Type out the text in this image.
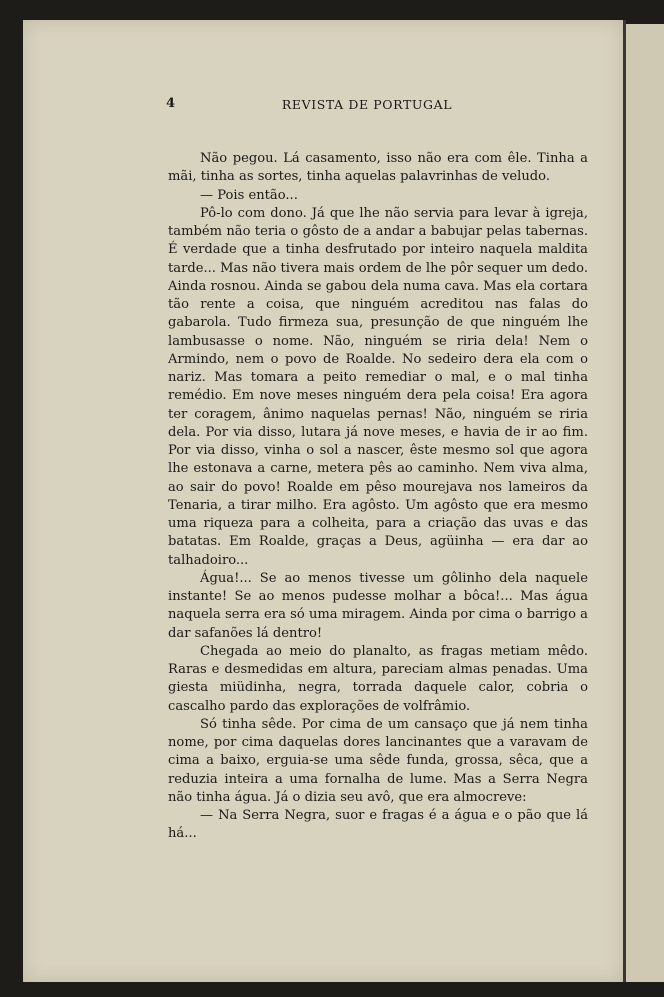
4	REVISTA DE PORTUGAL

Não pegou. Lá casamento, isso não era com êle. Tinha a mãi, tinha as sortes, tinha aquelas palavrinhas de veludo.

— Pois então...

Pô-lo com dono. Já que lhe não servia para levar à igreja, também não teria o gôsto de a andar a babujar pelas tabernas. É verdade que a tinha desfrutado por inteiro naquela maldita tarde... Mas não tivera mais ordem de lhe pôr sequer um dedo. Ainda rosnou. Ainda se gabou dela numa cava. Mas ela cortara tão rente a coisa, que ninguém acreditou nas falas do gabarola. Tudo firmeza sua, presunção de que ninguém lhe lambusasse o nome. Não, ninguém se riria dela! Nem o Armindo, nem o povo de Roalde. No sedeiro dera ela com o nariz. Mas tomara a peito remediar o mal, e o mal tinha remédio. Em nove meses ninguém dera pela coisa! Era agora ter coragem, ânimo naquelas pernas! Não, ninguém se riria dela. Por via disso, lutara já nove meses, e havia de ir ao fim. Por via disso, vinha o sol a nascer, êste mesmo sol que agora lhe estonava a carne, metera pês ao caminho. Nem viva alma, ao sair do povo! Roalde em pêso mourejava nos lameiros da Tenaria, a tirar milho. Era agôsto. Um agôsto que era mesmo uma riqueza para a colheita, para a criação das uvas e das batatas. Em Roalde, graças a Deus, agüinha — era dar ao talhadoiro...

Água!... Se ao menos tivesse um gôlinho dela naquele instante! Se ao menos pudesse molhar a bôca!... Mas água naquela serra era só uma miragem. Ainda por cima o barrigo a dar safanões lá dentro!

Chegada ao meio do planalto, as fragas metiam mêdo. Raras e desmedidas em altura, pareciam almas penadas. Uma giesta miüdinha, negra, torrada daquele calor, cobria o cascalho pardo das explorações de volfrâmio.

Só tinha sêde. Por cima de um cansaço que já nem tinha nome, por cima daquelas dores lancinantes que a varavam de cima a baixo, erguia-se uma sêde funda, grossa, sêca, que a reduzia inteira a uma fornalha de lume. Mas a Serra Negra não tinha água. Já o dizia seu avô, que era almocreve:

— Na Serra Negra, suor e fragas é a água e o pão que lá há...
